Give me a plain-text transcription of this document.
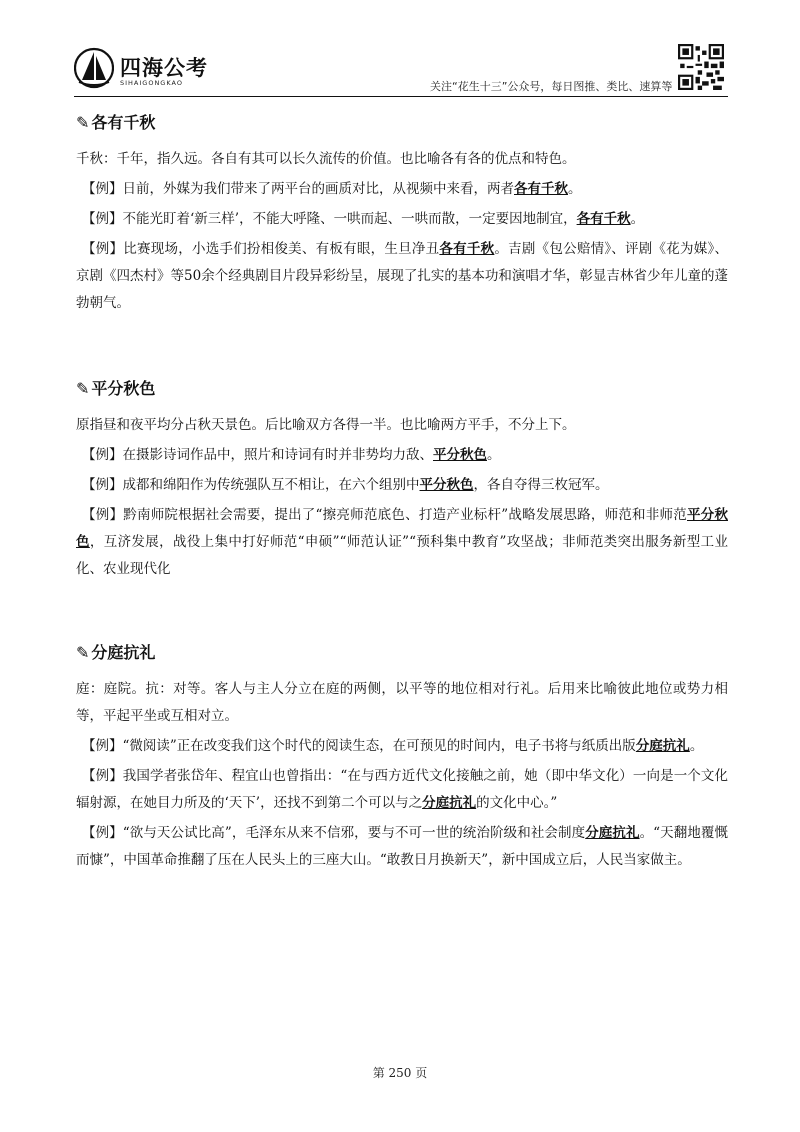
四海公考
SIHAIGONGKAO	关注“花生十三”公众号，每日图推、类比、速算等
✎ 各有千秋

千秋：千年，指久远。各自有其可以长久流传的价值。也比喻各有各的优点和特色。

【例】日前，外媒为我们带来了两平台的画质对比，从视频中来看，两者各有千秋。

【例】不能光盯着‘新三样’，不能大呼隆、一哄而起、一哄而散，一定要因地制宜，各有千秋。

【例】比赛现场，小选手们扮相俊美、有板有眼，生旦净丑各有千秋。吉剧《包公赔情》、评剧《花为媒》、京剧《四杰村》等50余个经典剧目片段异彩纷呈，展现了扎实的基本功和演唱才华，彰显吉林省少年儿童的蓬勃朝气。

✎ 平分秋色

原指昼和夜平均分占秋天景色。后比喻双方各得一半。也比喻两方平手，不分上下。

【例】在摄影诗词作品中，照片和诗词有时并非势均力敌、平分秋色。

【例】成都和绵阳作为传统强队互不相让，在六个组别中平分秋色，各自夺得三枚冠军。

【例】黔南师院根据社会需要，提出了“擦亮师范底色、打造产业标杆”战略发展思路，师范和非师范平分秋色，互济发展，战役上集中打好师范“申硕”“师范认证”“预科集中教育”攻坚战；非师范类突出服务新型工业化、农业现代化

✎ 分庭抗礼

庭：庭院。抗：对等。客人与主人分立在庭的两侧，以平等的地位相对行礼。后用来比喻彼此地位或势力相等，平起平坐或互相对立。

【例】“微阅读”正在改变我们这个时代的阅读生态，在可预见的时间内，电子书将与纸质出版分庭抗礼。

【例】我国学者张岱年、程宜山也曾指出：“在与西方近代文化接触之前，她（即中华文化）一向是一个文化辐射源，在她目力所及的‘天下’，还找不到第二个可以与之分庭抗礼的文化中心。”

【例】“欲与天公试比高”，毛泽东从来不信邪，要与不可一世的统治阶级和社会制度分庭抗礼。“天翻地覆慨而慷”，中国革命推翻了压在人民头上的三座大山。“敢教日月换新天”，新中国成立后，人民当家做主。

第 250 页
